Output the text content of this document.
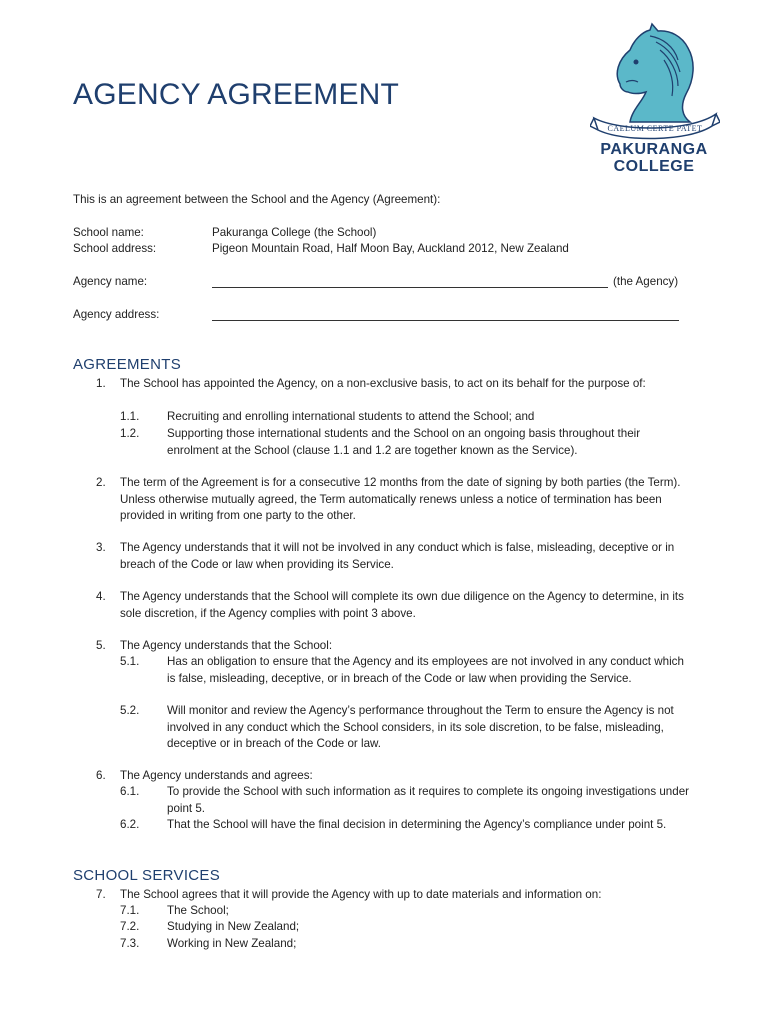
AGENCY AGREEMENT
CAELUM CERTE PATET
PAKURANGA
COLLEGE
This is an agreement between the School and the Agency (Agreement):
School name:	Pakuranga College (the School)
School address:	Pigeon Mountain Road, Half Moon Bay, Auckland 2012, New Zealand
Agency name:	(the Agency)
Agency address:
AGREEMENTS
1. The School has appointed the Agency, on a non-exclusive basis, to act on its behalf for the purpose of:
1.1. Recruiting and enrolling international students to attend the School; and
1.2. Supporting those international students and the School on an ongoing basis throughout their enrolment at the School (clause 1.1 and 1.2 are together known as the Service).
2. The term of the Agreement is for a consecutive 12 months from the date of signing by both parties (the Term). Unless otherwise mutually agreed, the Term automatically renews unless a notice of termination has been provided in writing from one party to the other.
3. The Agency understands that it will not be involved in any conduct which is false, misleading, deceptive or in breach of the Code or law when providing its Service.
4. The Agency understands that the School will complete its own due diligence on the Agency to determine, in its sole discretion, if the Agency complies with point 3 above.
5. The Agency understands that the School:
5.1. Has an obligation to ensure that the Agency and its employees are not involved in any conduct which is false, misleading, deceptive, or in breach of the Code or law when providing the Service.
5.2. Will monitor and review the Agency’s performance throughout the Term to ensure the Agency is not involved in any conduct which the School considers, in its sole discretion, to be false, misleading, deceptive or in breach of the Code or law.
6. The Agency understands and agrees:
6.1. To provide the School with such information as it requires to complete its ongoing investigations under point 5.
6.2. That the School will have the final decision in determining the Agency’s compliance under point 5.
SCHOOL SERVICES
7. The School agrees that it will provide the Agency with up to date materials and information on:
7.1. The School;
7.2. Studying in New Zealand;
7.3. Working in New Zealand;
